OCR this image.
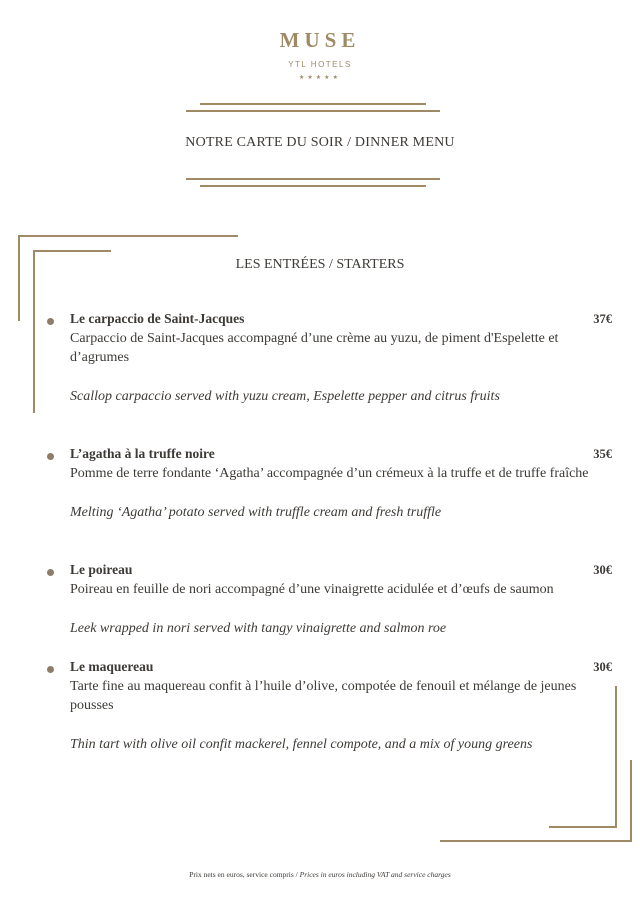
MUSE
YTL HOTELS
★★★★★
NOTRE CARTE DU SOIR / DINNER MENU
LES ENTRÉES / STARTERS
Le carpaccio de Saint-Jacques	37€
Carpaccio de Saint-Jacques accompagné d’une crème au yuzu, de piment d'Espelette et d’agrumes
Scallop carpaccio served with yuzu cream, Espelette pepper and citrus fruits
L’agatha à la truffe noire	35€
Pomme de terre fondante ‘Agatha’ accompagnée d’un crémeux à la truffe et de truffe fraîche
Melting ‘Agatha’ potato served with truffle cream and fresh truffle
Le poireau	30€
Poireau en feuille de nori accompagné d’une vinaigrette acidulée et d’œufs de saumon
Leek wrapped in nori served with tangy vinaigrette and salmon roe
Le maquereau	30€
Tarte fine au maquereau confit à l’huile d’olive, compotée de fenouil et mélange de jeunes pousses
Thin tart with olive oil confit mackerel, fennel compote, and a mix of young greens
Prix nets en euros, service compris / Prices in euros including VAT and service charges
